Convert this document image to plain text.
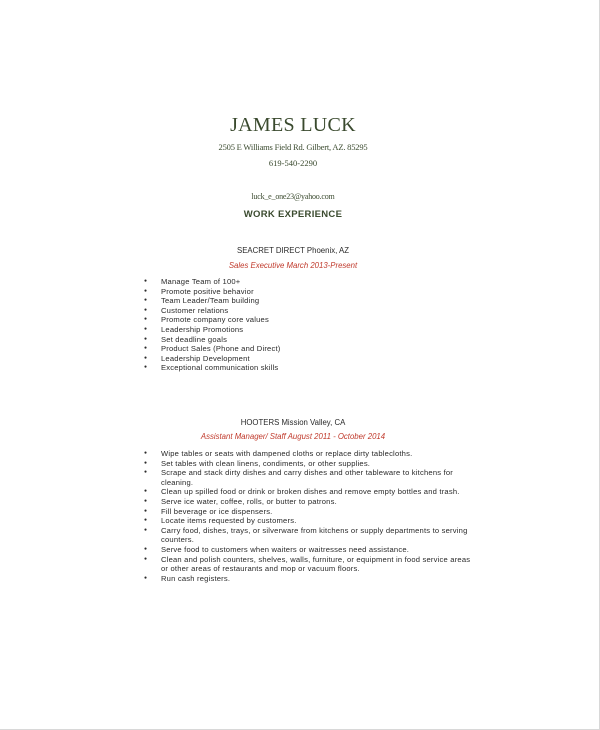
JAMES LUCK
2505 E Williams Field Rd. Gilbert, AZ. 85295
619-540-2290
luck_e_one23@yahoo.com
WORK EXPERIENCE
SEACRET DIRECT Phoenix, AZ
Sales Executive March 2013-Present
● Manage Team of 100+
● Promote positive behavior
● Team Leader/Team building
● Customer relations
● Promote company core values
● Leadership Promotions
● Set deadline goals
● Product Sales (Phone and Direct)
● Leadership Development
● Exceptional communication skills
HOOTERS Mission Valley, CA
Assistant Manager/ Staff August 2011 - October 2014
● Wipe tables or seats with dampened cloths or replace dirty tablecloths.
● Set tables with clean linens, condiments, or other supplies.
● Scrape and stack dirty dishes and carry dishes and other tableware to kitchens for cleaning.
● Clean up spilled food or drink or broken dishes and remove empty bottles and trash.
● Serve ice water, coffee, rolls, or butter to patrons.
● Fill beverage or ice dispensers.
● Locate items requested by customers.
● Carry food, dishes, trays, or silverware from kitchens or supply departments to serving counters.
● Serve food to customers when waiters or waitresses need assistance.
● Clean and polish counters, shelves, walls, furniture, or equipment in food service areas or other areas of restaurants and mop or vacuum floors.
● Run cash registers.
